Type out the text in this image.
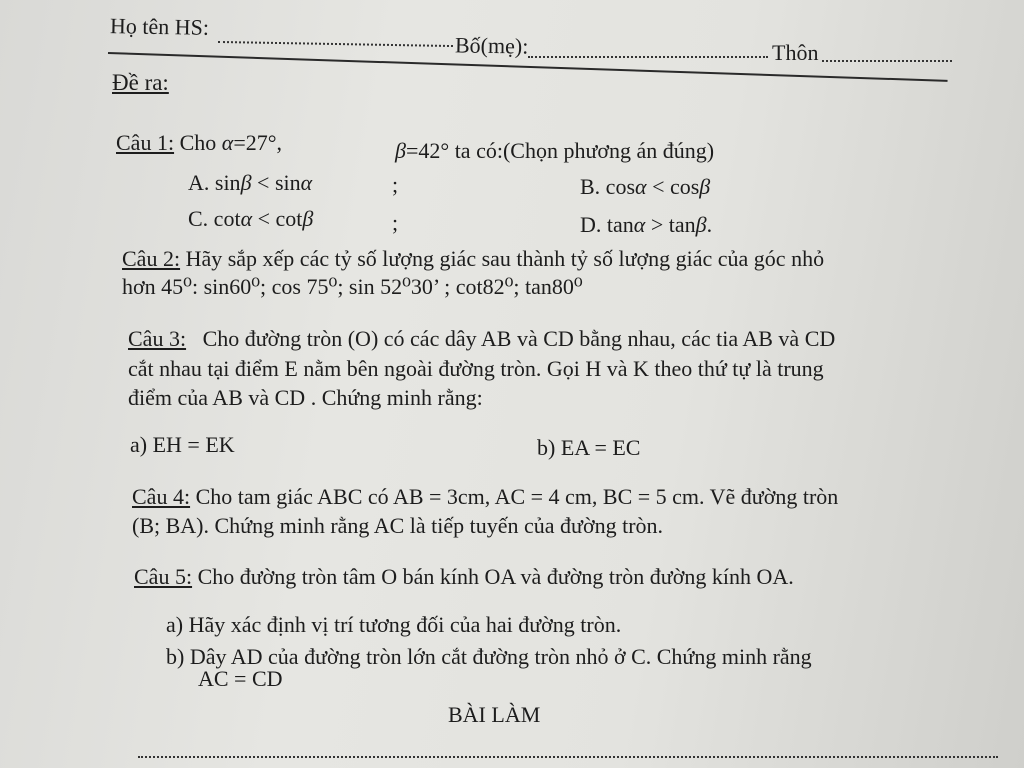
Họ tên HS:
Bố(mẹ):	Thôn
Đề ra:
Câu 1: Cho α=27°,	β=42° ta có:(Chọn phương án đúng)
A. sinβ < sinα	;	B. cosα < cosβ
C. cotα < cotβ	;	D. tanα > tanβ.
Câu 2: Hãy sắp xếp các tỷ số lượng giác sau thành tỷ số lượng giác của góc nhỏ
hơn 45⁰: sin60⁰; cos 75⁰; sin 52⁰30’ ; cot82⁰; tan80⁰
Câu 3: Cho đường tròn (O) có các dây AB và CD bằng nhau, các tia AB và CD
cắt nhau tại điểm E nằm bên ngoài đường tròn. Gọi H và K theo thứ tự là trung
điểm của AB và CD . Chứng minh rằng:
a) EH = EK	b) EA = EC
Câu 4: Cho tam giác ABC có AB = 3cm, AC = 4 cm, BC = 5 cm. Vẽ đường tròn
(B; BA). Chứng minh rằng AC là tiếp tuyến của đường tròn.
Câu 5: Cho đường tròn tâm O bán kính OA và đường tròn đường kính OA.
a) Hãy xác định vị trí tương đối của hai đường tròn.
b) Dây AD của đường tròn lớn cắt đường tròn nhỏ ở C. Chứng minh rằng
AC = CD
BÀI LÀM
